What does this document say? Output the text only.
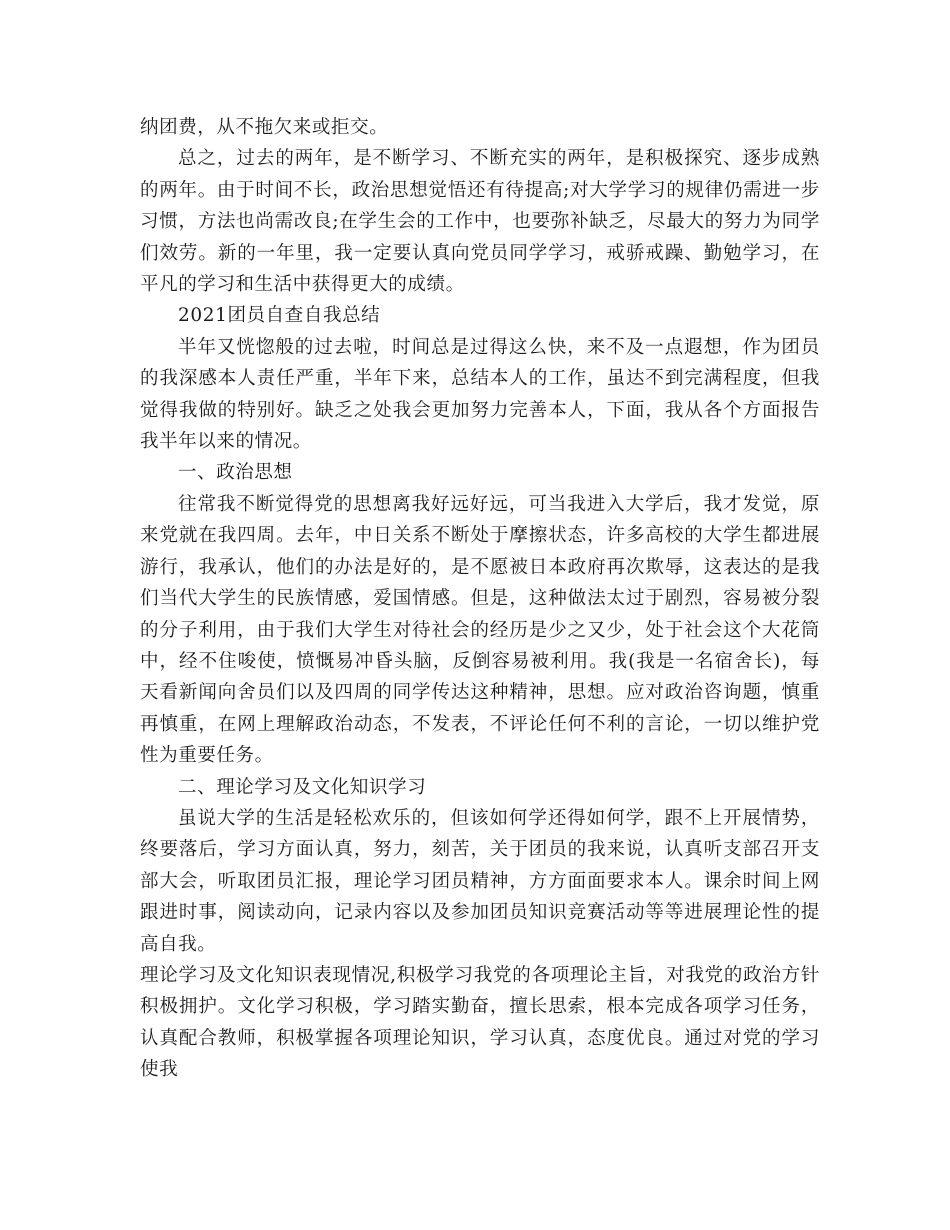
纳团费，从不拖欠来或拒交。

总之，过去的两年，是不断学习、不断充实的两年，是积极探究、逐步成熟的两年。由于时间不长，政治思想觉悟还有待提高;对大学学习的规律仍需进一步习惯，方法也尚需改良;在学生会的工作中，也要弥补缺乏，尽最大的努力为同学们效劳。新的一年里，我一定要认真向党员同学学习，戒骄戒躁、勤勉学习，在平凡的学习和生活中获得更大的成绩。

2021团员自查自我总结

半年又恍惚般的过去啦，时间总是过得这么快，来不及一点遐想，作为团员的我深感本人责任严重，半年下来，总结本人的工作，虽达不到完满程度，但我觉得我做的特别好。缺乏之处我会更加努力完善本人，下面，我从各个方面报告我半年以来的情况。

一、政治思想

往常我不断觉得党的思想离我好远好远，可当我进入大学后，我才发觉，原来党就在我四周。去年，中日关系不断处于摩擦状态，许多高校的大学生都进展游行，我承认，他们的办法是好的，是不愿被日本政府再次欺辱，这表达的是我们当代大学生的民族情感，爱国情感。但是，这种做法太过于剧烈，容易被分裂的分子利用，由于我们大学生对待社会的经历是少之又少，处于社会这个大花筒中，经不住唆使，愤慨易冲昏头脑，反倒容易被利用。我(我是一名宿舍长)，每天看新闻向舍员们以及四周的同学传达这种精神，思想。应对政治咨询题，慎重再慎重，在网上理解政治动态，不发表，不评论任何不利的言论，一切以维护党性为重要任务。

二、理论学习及文化知识学习

虽说大学的生活是轻松欢乐的，但该如何学还得如何学，跟不上开展情势，终要落后，学习方面认真，努力，刻苦，关于团员的我来说，认真听支部召开支部大会，听取团员汇报，理论学习团员精神，方方面面要求本人。课余时间上网跟进时事，阅读动向，记录内容以及参加团员知识竞赛活动等等进展理论性的提高自我。

理论学习及文化知识表现情况,积极学习我党的各项理论主旨，对我党的政治方针积极拥护。文化学习积极，学习踏实勤奋，擅长思索，根本完成各项学习任务，认真配合教师，积极掌握各项理论知识，学习认真，态度优良。通过对党的学习使我
